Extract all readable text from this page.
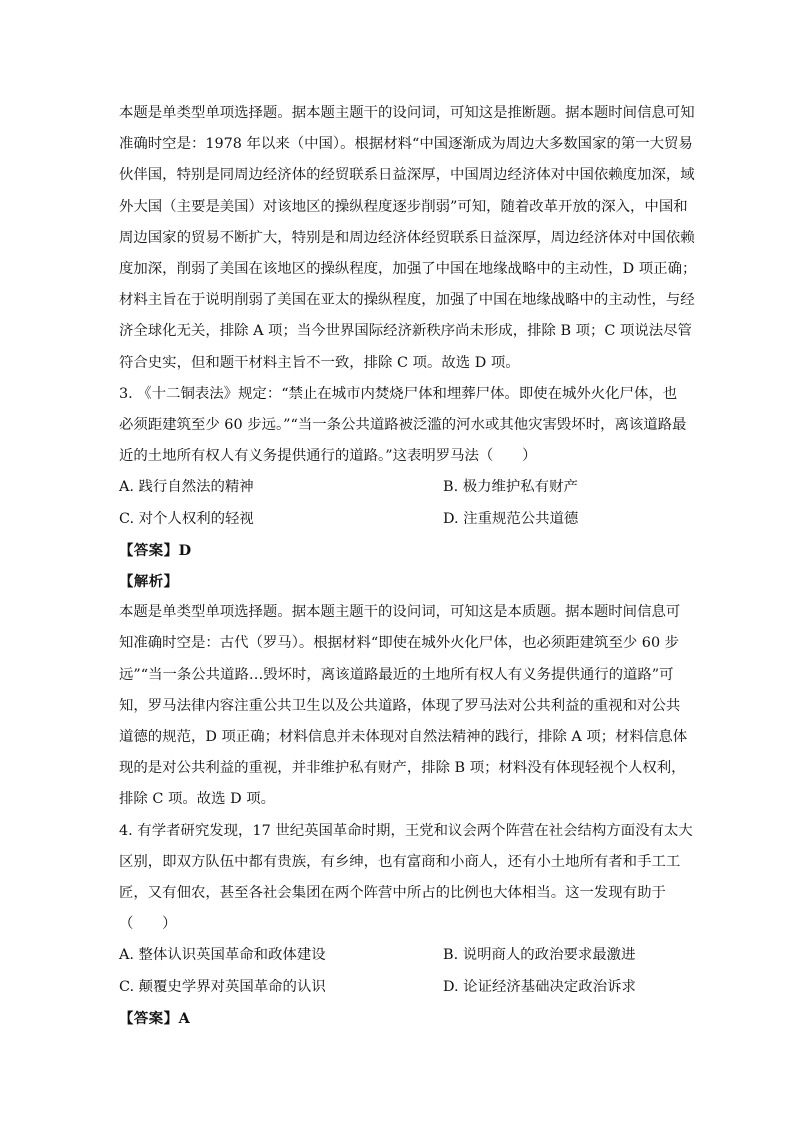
本题是单类型单项选择题。据本题主题干的设问词，可知这是推断题。据本题时间信息可知
准确时空是：1978 年以来（中国）。根据材料“中国逐渐成为周边大多数国家的第一大贸易
伙伴国，特别是同周边经济体的经贸联系日益深厚，中国周边经济体对中国依赖度加深，域
外大国（主要是美国）对该地区的操纵程度逐步削弱”可知，随着改革开放的深入，中国和
周边国家的贸易不断扩大，特别是和周边经济体经贸联系日益深厚，周边经济体对中国依赖
度加深，削弱了美国在该地区的操纵程度，加强了中国在地缘战略中的主动性，D 项正确；
材料主旨在于说明削弱了美国在亚太的操纵程度，加强了中国在地缘战略中的主动性，与经
济全球化无关，排除 A 项；当今世界国际经济新秩序尚未形成，排除 B 项；C 项说法尽管
符合史实，但和题干材料主旨不一致，排除 C 项。故选 D 项。
3. 《十二铜表法》规定：“禁止在城市内焚烧尸体和埋葬尸体。即使在城外火化尸体，也
必须距建筑至少 60 步远。”“当一条公共道路被泛滥的河水或其他灾害毁坏时，离该道路最
近的土地所有权人有义务提供通行的道路。”这表明罗马法（　　）
A. 践行自然法的精神	B. 极力维护私有财产
C. 对个人权利的轻视	D. 注重规范公共道德
【答案】D
【解析】
本题是单类型单项选择题。据本题主题干的设问词，可知这是本质题。据本题时间信息可
知准确时空是：古代（罗马）。根据材料“即使在城外火化尸体，也必须距建筑至少 60 步
远”“当一条公共道路…毁坏时，离该道路最近的土地所有权人有义务提供通行的道路”可
知，罗马法律内容注重公共卫生以及公共道路，体现了罗马法对公共利益的重视和对公共
道德的规范，D 项正确；材料信息并未体现对自然法精神的践行，排除 A 项；材料信息体
现的是对公共利益的重视，并非维护私有财产，排除 B 项；材料没有体现轻视个人权利，
排除 C 项。故选 D 项。
4. 有学者研究发现，17 世纪英国革命时期，王党和议会两个阵营在社会结构方面没有太大
区别，即双方队伍中都有贵族，有乡绅，也有富商和小商人，还有小土地所有者和手工工
匠，又有佃农，甚至各社会集团在两个阵营中所占的比例也大体相当。这一发现有助于
（　　）
A. 整体认识英国革命和政体建设	B. 说明商人的政治要求最激进
C. 颠覆史学界对英国革命的认识	D. 论证经济基础决定政治诉求
【答案】A
